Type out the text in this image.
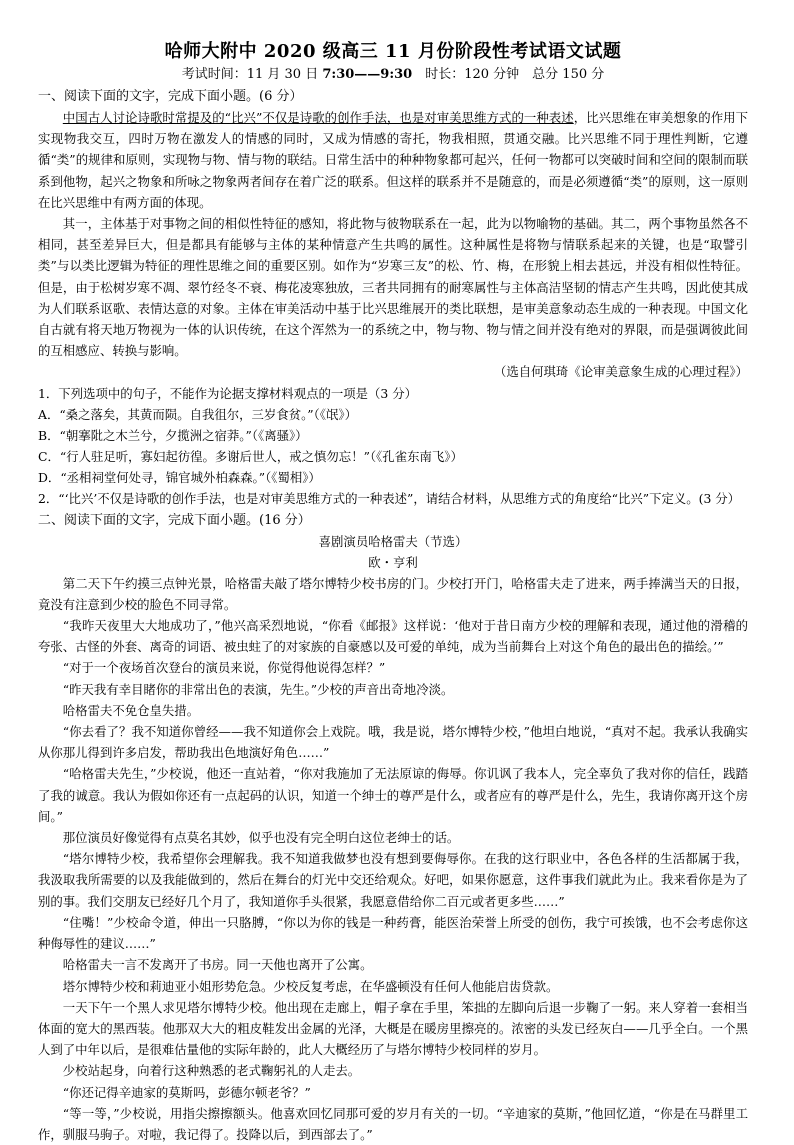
哈师大附中 2020 级高三 11 月份阶段性考试语文试题
考试时间：11 月 30 日 7:30——9:30　时长：120 分钟　总分 150 分
一、阅读下面的文字，完成下面小题。(6 分）

中国古人讨论诗歌时常提及的“比兴”不仅是诗歌的创作手法，也是对审美思维方式的一种表述，比兴思维在审美想象的作用下实现物我交互，四时万物在激发人的情感的同时，又成为情感的寄托，物我相照，贯通交融。比兴思维不同于理性判断，它遵循“类”的规律和原则，实现物与物、情与物的联结。日常生活中的种种物象都可起兴，任何一物都可以突破时间和空间的限制而联系到他物，起兴之物象和所咏之物象两者间存在着广泛的联系。但这样的联系并不是随意的，而是必须遵循“类”的原则，这一原则在比兴思维中有两方面的体现。

其一，主体基于对事物之间的相似性特征的感知，将此物与彼物联系在一起，此为以物喻物的基础。其二，两个事物虽然各不相同，甚至差异巨大，但是都具有能够与主体的某种情意产生共鸣的属性。这种属性是将物与情联系起来的关键，也是“取譬引类”与以类比逻辑为特征的理性思维之间的重要区别。如作为“岁寒三友”的松、竹、梅，在形貌上相去甚远，并没有相似性特征。但是，由于松树岁寒不凋、翠竹经冬不衰、梅花凌寒独放，三者共同拥有的耐寒属性与主体高洁坚韧的情志产生共鸣，因此使其成为人们联系讴歌、表情达意的对象。主体在审美活动中基于比兴思维展开的类比联想，是审美意象动态生成的一种表现。中国文化自古就有将天地万物视为一体的认识传统，在这个浑然为一的系统之中，物与物、物与情之间并没有绝对的界限，而是强调彼此间的互相感应、转换与影响。

（选自何琪琦《论审美意象生成的心理过程》）
1．下列选项中的句子，不能作为论据支撑材料观点的一项是（3 分）
A．“桑之落矣，其黄而陨。自我徂尔，三岁食贫。”（《氓》）
B．“朝搴阰之木兰兮，夕揽洲之宿莽。”（《离骚》）
C．“行人驻足听，寡妇起彷徨。多谢后世人，戒之慎勿忘！”（《孔雀东南飞》）
D．“丞相祠堂何处寻，锦官城外柏森森。”（《蜀相》）
2．“‘比兴’不仅是诗歌的创作手法，也是对审美思维方式的一种表述”，请结合材料，从思维方式的角度给“比兴”下定义。(3 分）
二、阅读下面的文字，完成下面小题。(16 分）
喜剧演员哈格雷夫（节选）
欧・亨利

第二天下午约摸三点钟光景，哈格雷夫敲了塔尔博特少校书房的门。少校打开门，哈格雷夫走了进来，两手捧满当天的日报，竟没有注意到少校的脸色不同寻常。

“我昨天夜里大大地成功了，”他兴高采烈地说，“你看《邮报》这样说：‘他对于昔日南方少校的理解和表现，通过他的滑稽的夸张、古怪的外套、离奇的词语、被虫蛀了的对家族的自豪感以及可爱的单纯，成为当前舞台上对这个角色的最出色的描绘。’”

“对于一个夜场首次登台的演员来说，你觉得他说得怎样？”

“昨天我有幸目睹你的非常出色的表演，先生。”少校的声音出奇地冷淡。

哈格雷夫不免仓皇失措。

“你去看了？我不知道你曾经——我不知道你会上戏院。哦，我是说，塔尔博特少校，”他坦白地说，“真对不起。我承认我确实从你那儿得到许多启发，帮助我出色地演好角色……”

“哈格雷夫先生，”少校说，他还一直站着，“你对我施加了无法原谅的侮辱。你讥讽了我本人，完全辜负了我对你的信任，践踏了我的诚意。我认为假如你还有一点起码的认识，知道一个绅士的尊严是什么，或者应有的尊严是什么，先生，我请你离开这个房间。”

那位演员好像觉得有点莫名其妙，似乎也没有完全明白这位老绅士的话。

“塔尔博特少校，我希望你会理解我。我不知道我做梦也没有想到要侮辱你。在我的这行职业中，各色各样的生活都属于我，我汲取我所需要的以及我能做到的，然后在舞台的灯光中交还给观众。好吧，如果你愿意，这件事我们就此为止。我来看你是为了别的事。我们交朋友已经好几个月了，我知道你手头很紧，我愿意借给你二百元或者更多些……”

“住嘴！”少校命令道，伸出一只胳膊，“你以为你的钱是一种药膏，能医治荣誉上所受的创伤，我宁可挨饿，也不会考虑你这种侮辱性的建议……”

哈格雷夫一言不发离开了书房。同一天他也离开了公寓。

塔尔博特少校和莉迪亚小姐形势危急。少校反复考虑，在华盛顿没有任何人他能启齿贷款。

一天下午一个黑人求见塔尔博特少校。他出现在走廊上，帽子拿在手里，笨拙的左脚向后退一步鞠了一躬。来人穿着一套相当体面的宽大的黑西装。他那双大大的粗皮鞋发出金属的光泽，大概是在暖房里擦亮的。浓密的头发已经灰白——几乎全白。一个黑人到了中年以后，是很难估量他的实际年龄的，此人大概经历了与塔尔博特少校同样的岁月。

少校站起身，向着行这种熟悉的老式鞠躬礼的人走去。

“你还记得辛迪家的莫斯吗，彭德尔顿老爷？”

“等一等，”少校说，用指尖擦擦额头。他喜欢回忆同那可爱的岁月有关的一切。“辛迪家的莫斯，”他回忆道，“你是在马群里工作，驯服马驹子。对啦，我记得了。投降以后，到西部去了。”
